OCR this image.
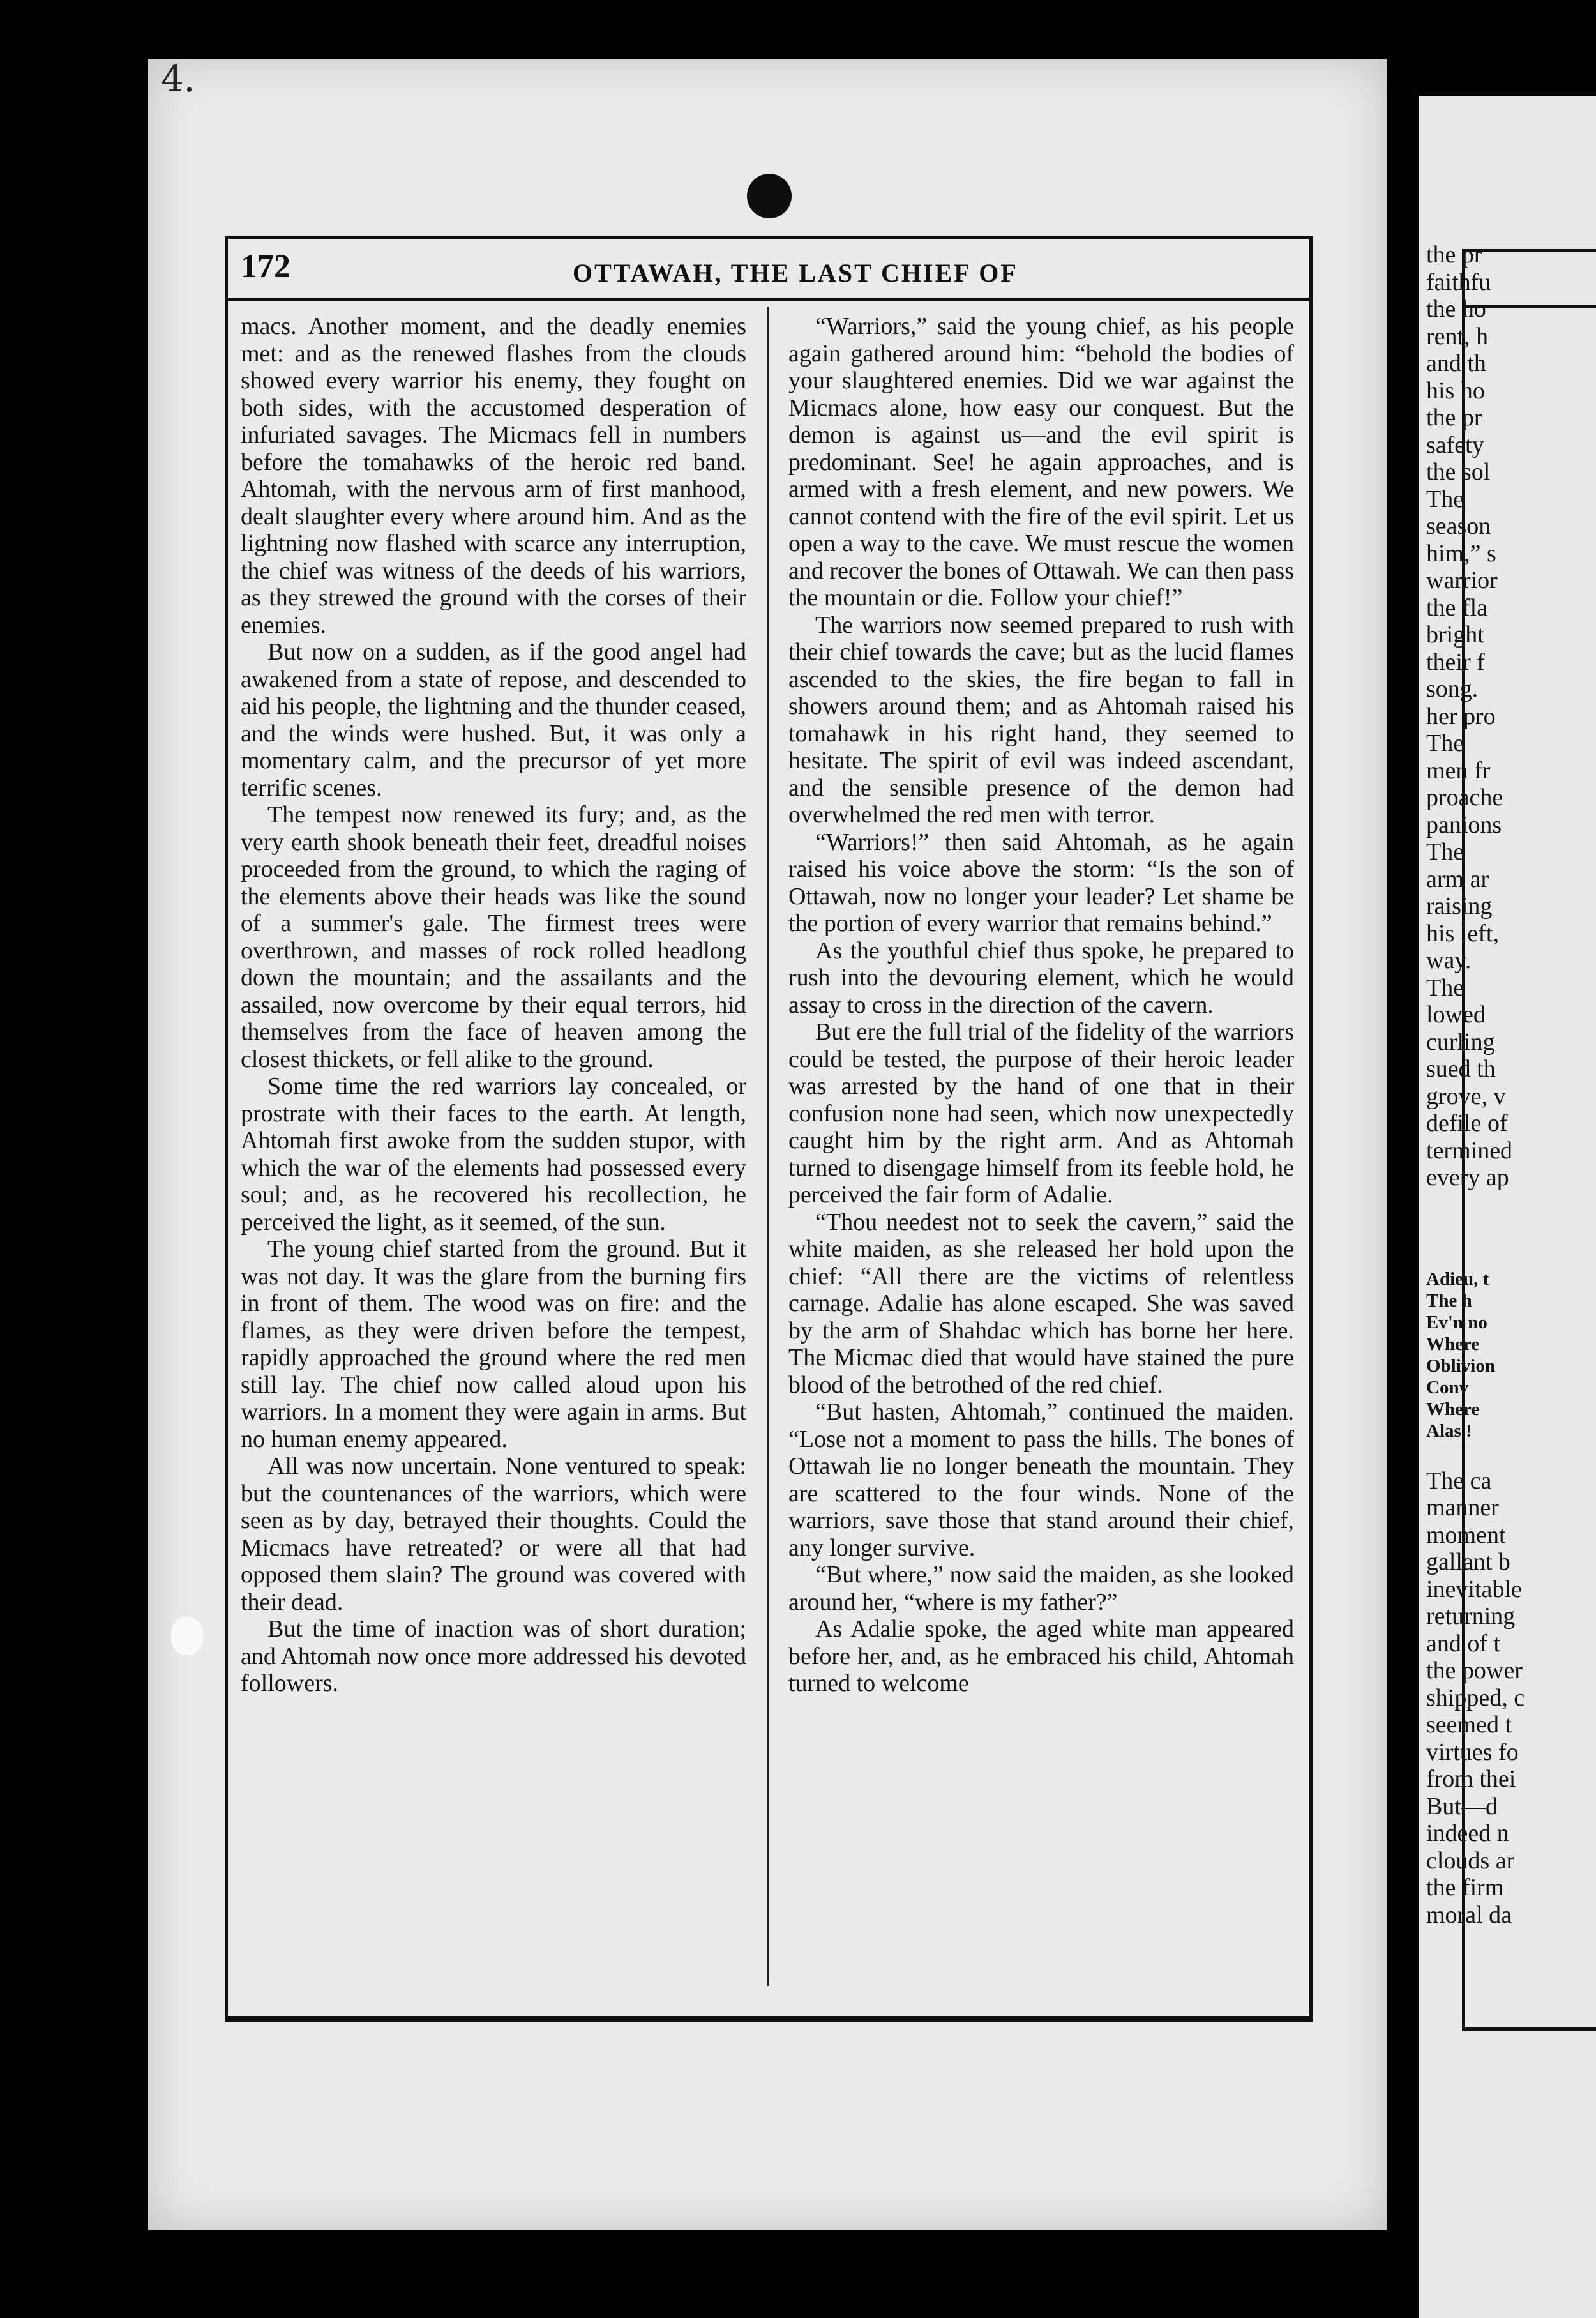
4.
172	OTTAWAH, THE LAST CHIEF OF

macs. Another moment, and the deadly enemies met: and as the renewed flashes from the clouds showed every warrior his enemy, they fought on both sides, with the accustomed desperation of infuriated savages. The Micmacs fell in numbers before the tomahawks of the heroic red band. Ahtomah, with the nervous arm of first manhood, dealt slaughter every where around him. And as the lightning now flashed with scarce any interruption, the chief was witness of the deeds of his warriors, as they strewed the ground with the corses of their enemies.

But now on a sudden, as if the good angel had awakened from a state of repose, and descended to aid his people, the lightning and the thunder ceased, and the winds were hushed. But, it was only a momentary calm, and the precursor of yet more terrific scenes.

The tempest now renewed its fury; and, as the very earth shook beneath their feet, dreadful noises proceeded from the ground, to which the raging of the elements above their heads was like the sound of a summer's gale. The firmest trees were overthrown, and masses of rock rolled headlong down the mountain; and the assailants and the assailed, now overcome by their equal terrors, hid themselves from the face of heaven among the closest thickets, or fell alike to the ground.

Some time the red warriors lay concealed, or prostrate with their faces to the earth. At length, Ahtomah first awoke from the sudden stupor, with which the war of the elements had possessed every soul; and, as he recovered his recollection, he perceived the light, as it seemed, of the sun.

The young chief started from the ground. But it was not day. It was the glare from the burning firs in front of them. The wood was on fire: and the flames, as they were driven before the tempest, rapidly approached the ground where the red men still lay. The chief now called aloud upon his warriors. In a moment they were again in arms. But no human enemy appeared.

All was now uncertain. None ventured to speak: but the countenances of the warriors, which were seen as by day, betrayed their thoughts. Could the Micmacs have retreated? or were all that had opposed them slain? The ground was covered with their dead.

But the time of inaction was of short duration; and Ahtomah now once more addressed his devoted followers.

“Warriors,” said the young chief, as his people again gathered around him: “behold the bodies of your slaughtered enemies. Did we war against the Micmacs alone, how easy our conquest. But the demon is against us—and the evil spirit is predominant. See! he again approaches, and is armed with a fresh element, and new powers. We cannot contend with the fire of the evil spirit. Let us open a way to the cave. We must rescue the women and recover the bones of Ottawah. We can then pass the mountain or die. Follow your chief!”

The warriors now seemed prepared to rush with their chief towards the cave; but as the lucid flames ascended to the skies, the fire began to fall in showers around them; and as Ahtomah raised his tomahawk in his right hand, they seemed to hesitate. The spirit of evil was indeed ascendant, and the sensible presence of the demon had overwhelmed the red men with terror.

“Warriors!” then said Ahtomah, as he again raised his voice above the storm: “Is the son of Ottawah, now no longer your leader? Let shame be the portion of every warrior that remains behind.”

As the youthful chief thus spoke, he prepared to rush into the devouring element, which he would assay to cross in the direction of the cavern.

But ere the full trial of the fidelity of the warriors could be tested, the purpose of their heroic leader was arrested by the hand of one that in their confusion none had seen, which now unexpectedly caught him by the right arm. And as Ahtomah turned to disengage himself from its feeble hold, he perceived the fair form of Adalie.

“Thou needest not to seek the cavern,” said the white maiden, as she released her hold upon the chief: “All there are the victims of relentless carnage. Adalie has alone escaped. She was saved by the arm of Shahdac which has borne her here. The Micmac died that would have stained the pure blood of the betrothed of the red chief.

“But hasten, Ahtomah,” continued the maiden. “Lose not a moment to pass the hills. The bones of Ottawah lie no longer beneath the mountain. They are scattered to the four winds. None of the warriors, save those that stand around their chief, any longer survive.

“But where,” now said the maiden, as she looked around her, “where is my father?”

As Adalie spoke, the aged white man appeared before her, and, as he embraced his child, Ahtomah turned to welcome

the pr
faithfu
the ho
rent, h
and th
his ho
the pr
safety
the sol
The
season
him,” s
warrior
the fla
bright
their f
song.
her pro
The
men fr
proache
panions
The
arm ar
raising
his left,
way.
The
lowed
curling
sued th
grove, v
defile of
termined
every ap
Adieu, t
The h
Ev'n no
Where
Oblivion
Conv
Where
Alas !
The ca
manner
moment
gallant b
inevitable
returning
and of t
the power
shipped, c
seemed t
virtues fo
from thei
But—d
indeed n
clouds ar
the firm
moral da
